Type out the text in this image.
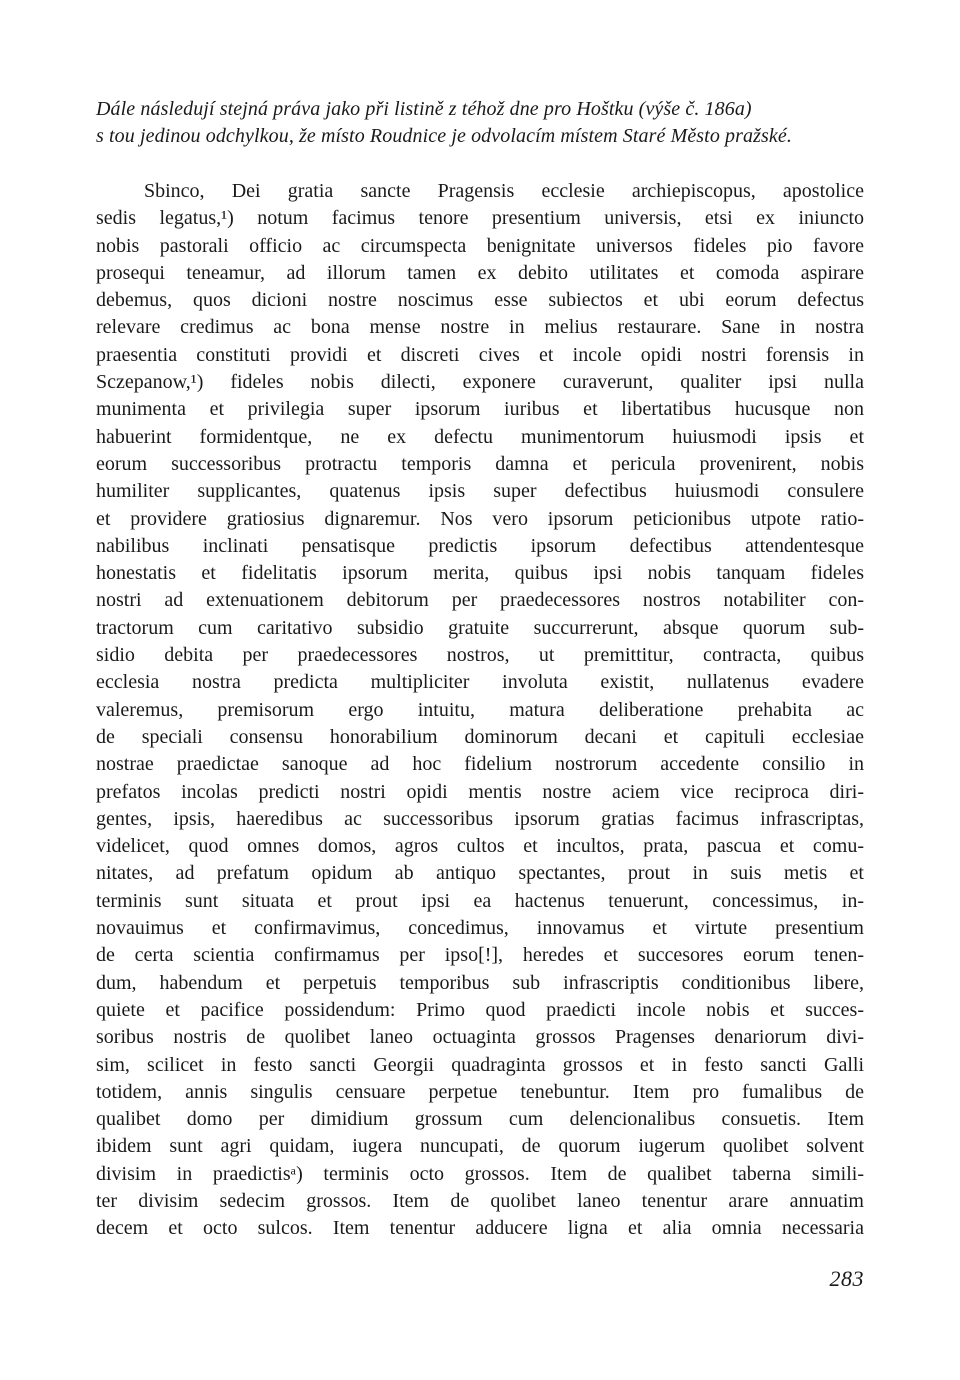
Dále následují stejná práva jako při listině z téhož dne pro Hoštku (výše č. 186a)
s tou jedinou odchylkou, že místo Roudnice je odvolacím místem Staré Město pražské.
Sbinco, Dei gratia sancte Pragensis ecclesie archiepiscopus, apostolice
sedis legatus,¹) notum facimus tenore presentium universis, etsi ex iniuncto
nobis pastorali officio ac circumspecta benignitate universos fideles pio favore
prosequi teneamur, ad illorum tamen ex debito utilitates et comoda aspirare
debemus, quos dicioni nostre noscimus esse subiectos et ubi eorum defectus
relevare credimus ac bona mense nostre in melius restaurare. Sane in nostra
praesentia constituti providi et discreti cives et incole opidi nostri forensis in
Sczepanow,¹) fideles nobis dilecti, exponere curaverunt, qualiter ipsi nulla
munimenta et privilegia super ipsorum iuribus et libertatibus hucusque non
habuerint formidentque, ne ex defectu munimentorum huiusmodi ipsis et
eorum successoribus protractu temporis damna et pericula provenirent, nobis
humiliter supplicantes, quatenus ipsis super defectibus huiusmodi consulere
et providere gratiosius dignaremur. Nos vero ipsorum peticionibus utpote ratio-
nabilibus inclinati pensatisque predictis ipsorum defectibus attendentesque
honestatis et fidelitatis ipsorum merita, quibus ipsi nobis tanquam fideles
nostri ad extenuationem debitorum per praedecessores nostros notabiliter con-
tractorum cum caritativo subsidio gratuite succurrerunt, absque quorum sub-
sidio debita per praedecessores nostros, ut premittitur, contracta, quibus
ecclesia nostra predicta multipliciter involuta existit, nullatenus evadere
valeremus, premisorum ergo intuitu, matura deliberatione prehabita ac
de speciali consensu honorabilium dominorum decani et capituli ecclesiae
nostrae praedictae sanoque ad hoc fidelium nostrorum accedente consilio in
prefatos incolas predicti nostri opidi mentis nostre aciem vice reciproca diri-
gentes, ipsis, haeredibus ac successoribus ipsorum gratias facimus infrascriptas,
videlicet, quod omnes domos, agros cultos et incultos, prata, pascua et comu-
nitates, ad prefatum opidum ab antiquo spectantes, prout in suis metis et
terminis sunt situata et prout ipsi ea hactenus tenuerunt, concessimus, in-
novauimus et confirmavimus, concedimus, innovamus et virtute presentium
de certa scientia confirmamus per ipso[!], heredes et succesores eorum tenen-
dum, habendum et perpetuis temporibus sub infrascriptis conditionibus libere,
quiete et pacifice possidendum: Primo quod praedicti incole nobis et succes-
soribus nostris de quolibet laneo octuaginta grossos Pragenses denariorum divi-
sim, scilicet in festo sancti Georgii quadraginta grossos et in festo sancti Galli
totidem, annis singulis censuare perpetue tenebuntur. Item pro fumalibus de
qualibet domo per dimidium grossum cum delencionalibus consuetis. Item
ibidem sunt agri quidam, iugera nuncupati, de quorum iugerum quolibet solvent
divisim in praedictisᵃ) terminis octo grossos. Item de qualibet taberna simili-
ter divisim sedecim grossos. Item de quolibet laneo tenentur arare annuatim
decem et octo sulcos. Item tenentur adducere ligna et alia omnia necessaria
283
